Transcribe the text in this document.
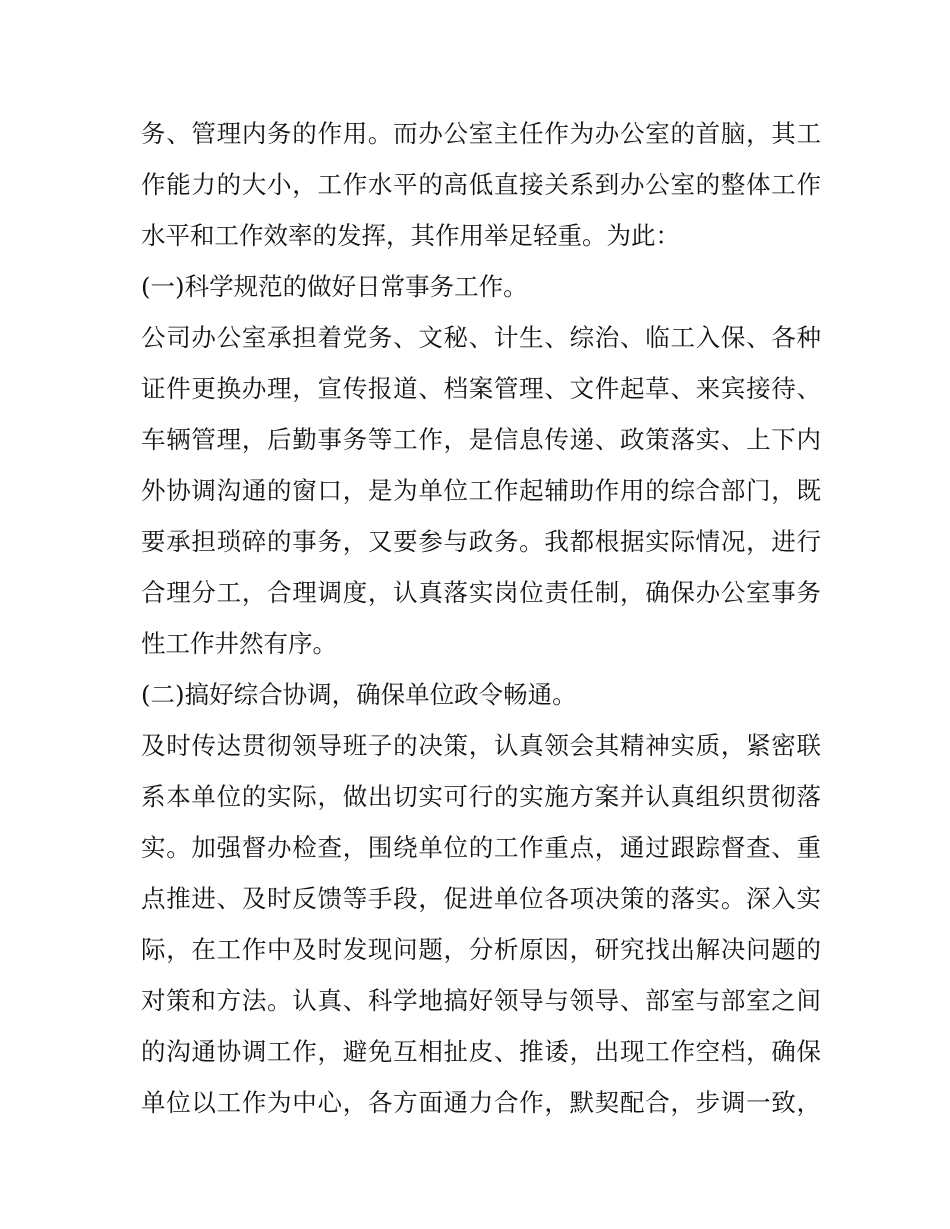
务、管理内务的作用。而办公室主任作为办公室的首脑，其工
作能力的大小，工作水平的高低直接关系到办公室的整体工作
水平和工作效率的发挥，其作用举足轻重。为此：
(一)科学规范的做好日常事务工作。
公司办公室承担着党务、文秘、计生、综治、临工入保、各种
证件更换办理，宣传报道、档案管理、文件起草、来宾接待、
车辆管理，后勤事务等工作，是信息传递、政策落实、上下内
外协调沟通的窗口，是为单位工作起辅助作用的综合部门，既
要承担琐碎的事务，又要参与政务。我都根据实际情况，进行
合理分工，合理调度，认真落实岗位责任制，确保办公室事务
性工作井然有序。
(二)搞好综合协调，确保单位政令畅通。
及时传达贯彻领导班子的决策，认真领会其精神实质，紧密联
系本单位的实际，做出切实可行的实施方案并认真组织贯彻落
实。加强督办检查，围绕单位的工作重点，通过跟踪督查、重
点推进、及时反馈等手段，促进单位各项决策的落实。深入实
际，在工作中及时发现问题，分析原因，研究找出解决问题的
对策和方法。认真、科学地搞好领导与领导、部室与部室之间
的沟通协调工作，避免互相扯皮、推诿，出现工作空档，确保
单位以工作为中心，各方面通力合作，默契配合，步调一致，
